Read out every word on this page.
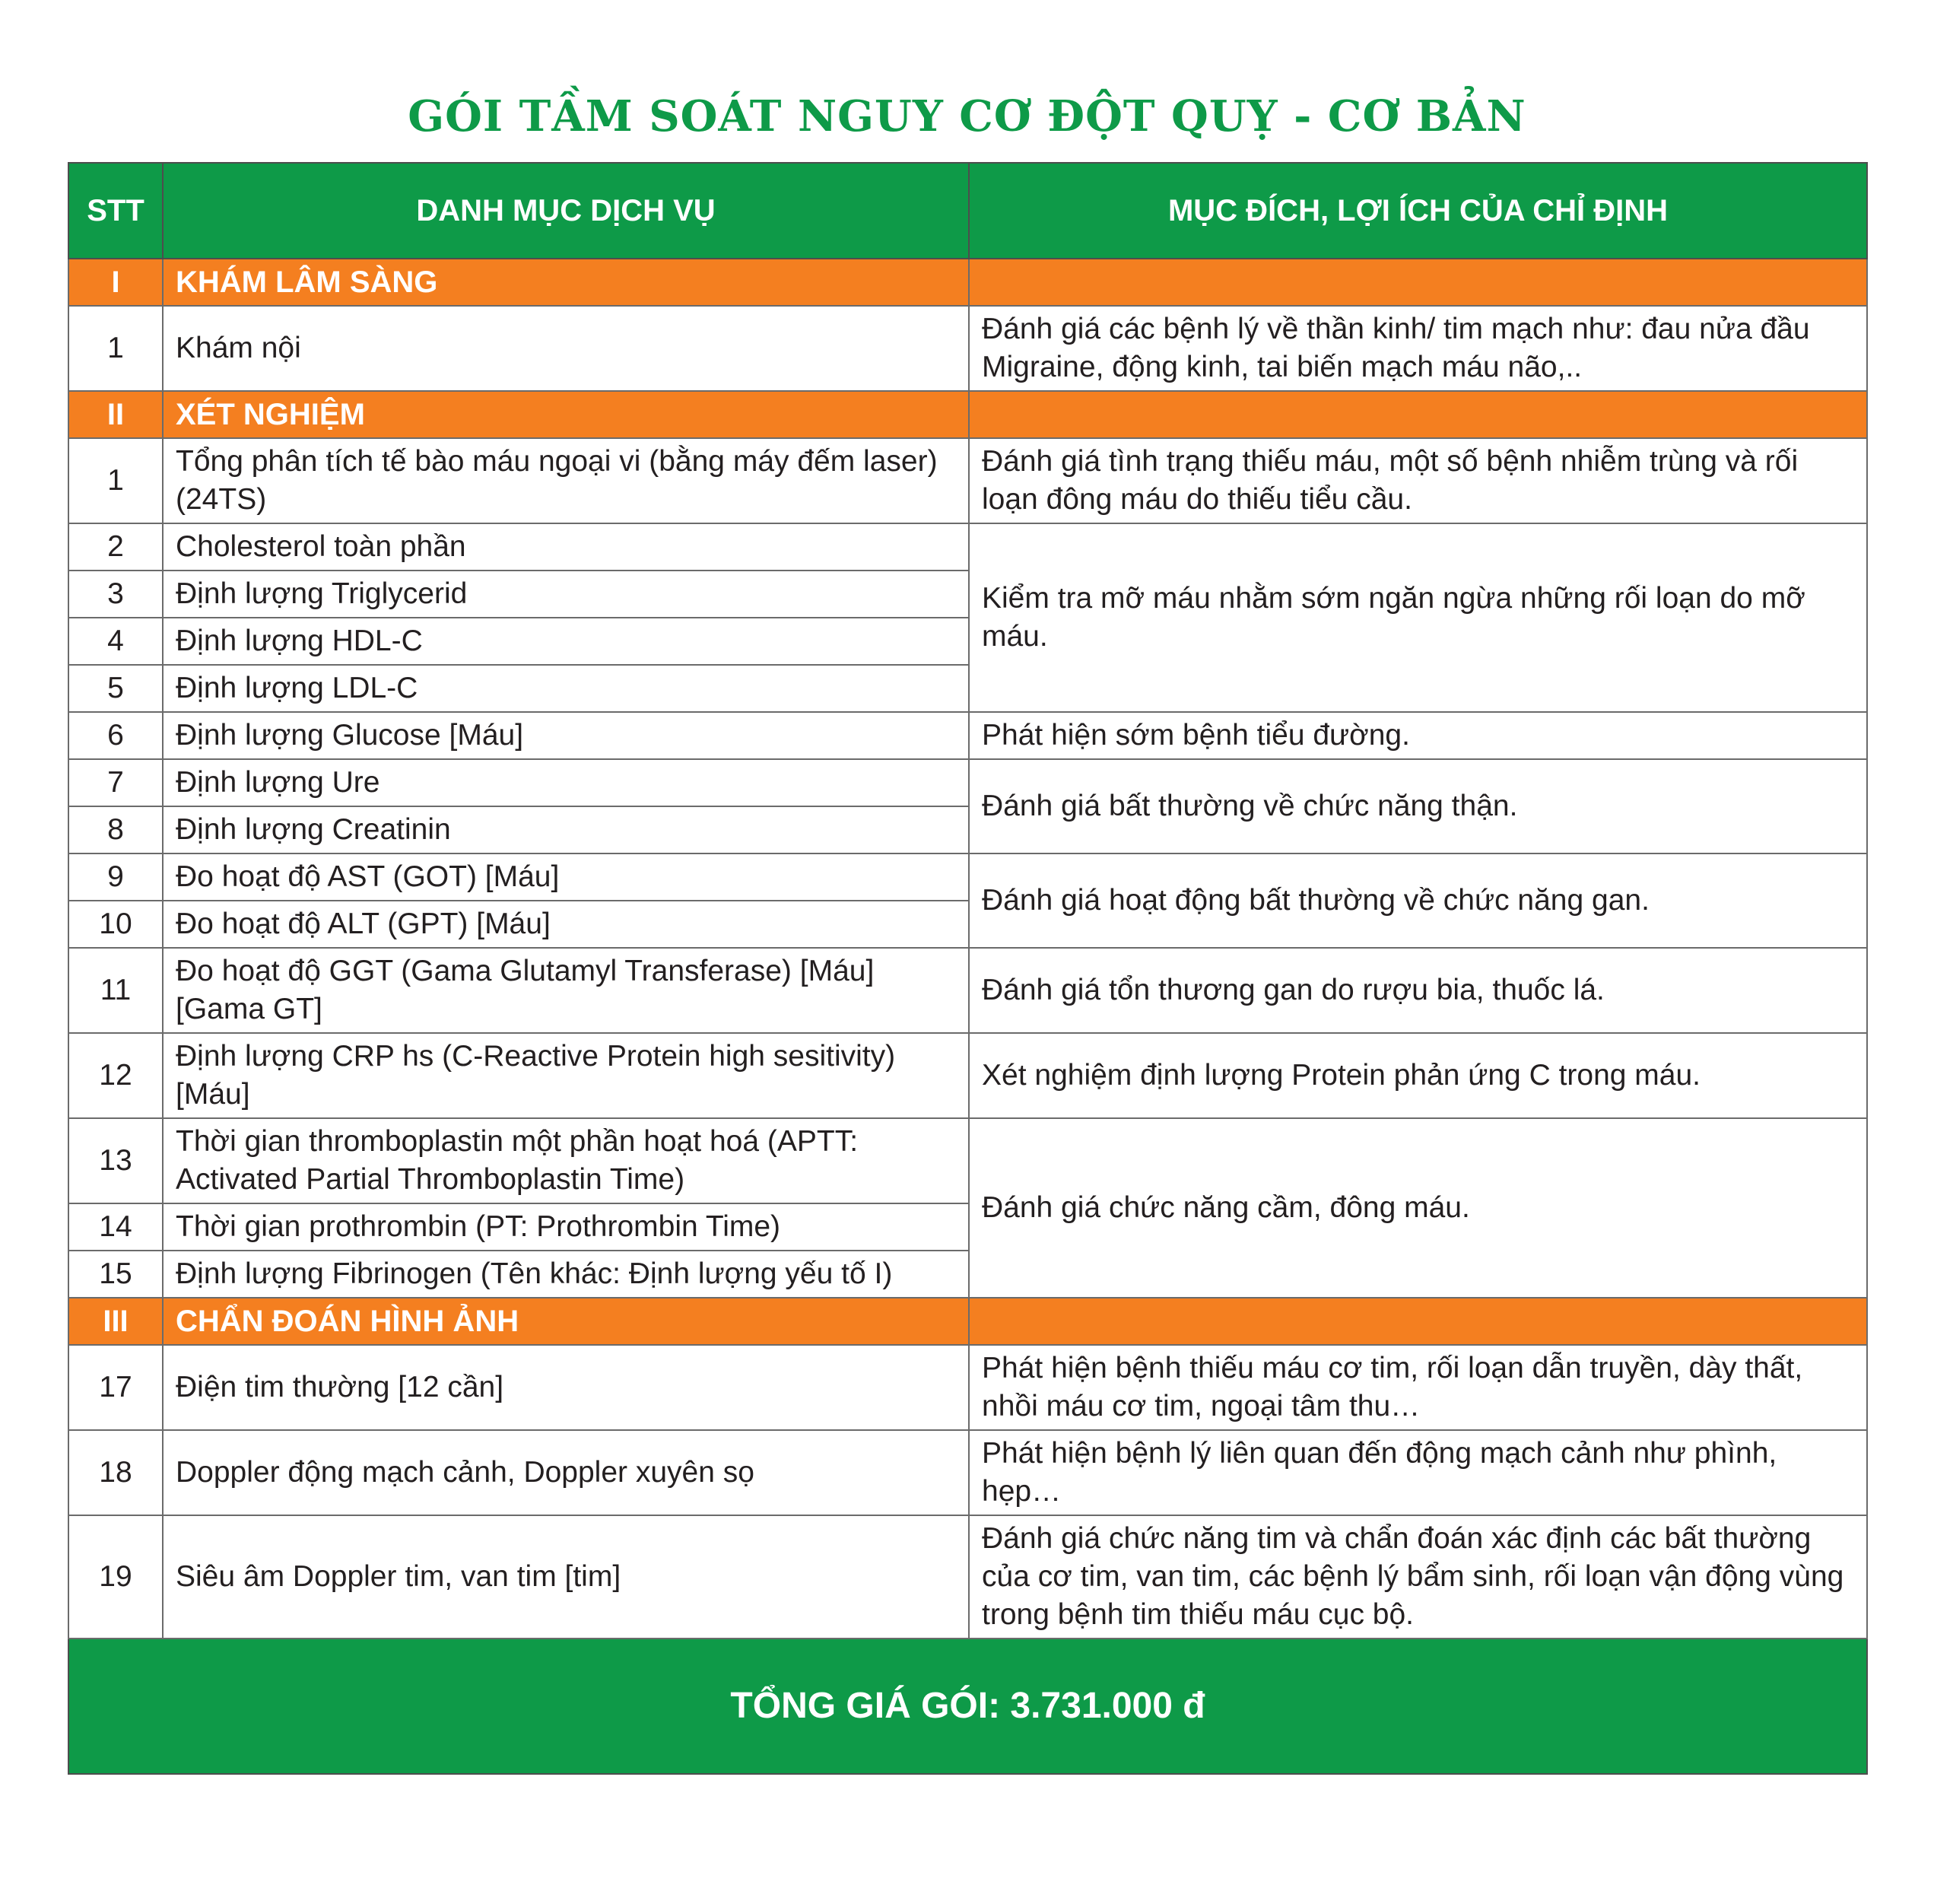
GÓI TẦM SOÁT NGUY CƠ ĐỘT QUỴ - CƠ BẢN
STT	DANH MỤC DỊCH VỤ	MỤC ĐÍCH, LỢI ÍCH CỦA CHỈ ĐỊNH
I	KHÁM LÂM SÀNG	
1	Khám nội	Đánh giá các bệnh lý về thần kinh/ tim mạch như: đau nửa đầu Migraine, động kinh, tai biến mạch máu não,..
II	XÉT NGHIỆM	
1	Tổng phân tích tế bào máu ngoại vi (bằng máy đếm laser) (24TS)	Đánh giá tình trạng thiếu máu, một số bệnh nhiễm trùng và rối loạn đông máu do thiếu tiểu cầu.
2	Cholesterol toàn phần	Kiểm tra mỡ máu nhằm sớm ngăn ngừa những rối loạn do mỡ máu.
3	Định lượng Triglycerid	
4	Định lượng HDL-C	
5	Định lượng LDL-C	
6	Định lượng Glucose [Máu]	Phát hiện sớm bệnh tiểu đường.
7	Định lượng Ure	Đánh giá bất thường về chức năng thận.
8	Định lượng Creatinin	
9	Đo hoạt độ AST (GOT) [Máu]	Đánh giá hoạt động bất thường về chức năng gan.
10	Đo hoạt độ ALT (GPT) [Máu]	
11	Đo hoạt độ GGT (Gama Glutamyl Transferase) [Máu] [Gama GT]	Đánh giá tổn thương gan do rượu bia, thuốc lá.
12	Định lượng CRP hs (C-Reactive Protein high sesitivity) [Máu]	Xét nghiệm định lượng Protein phản ứng C trong máu.
13	Thời gian thromboplastin một phần hoạt hoá (APTT: Activated Partial Thromboplastin Time)	Đánh giá chức năng cầm, đông máu.
14	Thời gian prothrombin (PT: Prothrombin Time)	
15	Định lượng Fibrinogen (Tên khác: Định lượng yếu tố I)	
III	CHẨN ĐOÁN HÌNH ẢNH	
17	Điện tim thường [12 cần]	Phát hiện bệnh thiếu máu cơ tim, rối loạn dẫn truyền, dày thất, nhồi máu cơ tim, ngoại tâm thu…
18	Doppler động mạch cảnh, Doppler xuyên sọ	Phát hiện bệnh lý liên quan đến động mạch cảnh như phình, hẹp…
19	Siêu âm Doppler tim, van tim [tim]	Đánh giá chức năng tim và chẩn đoán xác định các bất thường của cơ tim, van tim, các bệnh lý bẩm sinh, rối loạn vận động vùng trong bệnh tim thiếu máu cục bộ.
TỔNG GIÁ GÓI: 3.731.000 đ		
